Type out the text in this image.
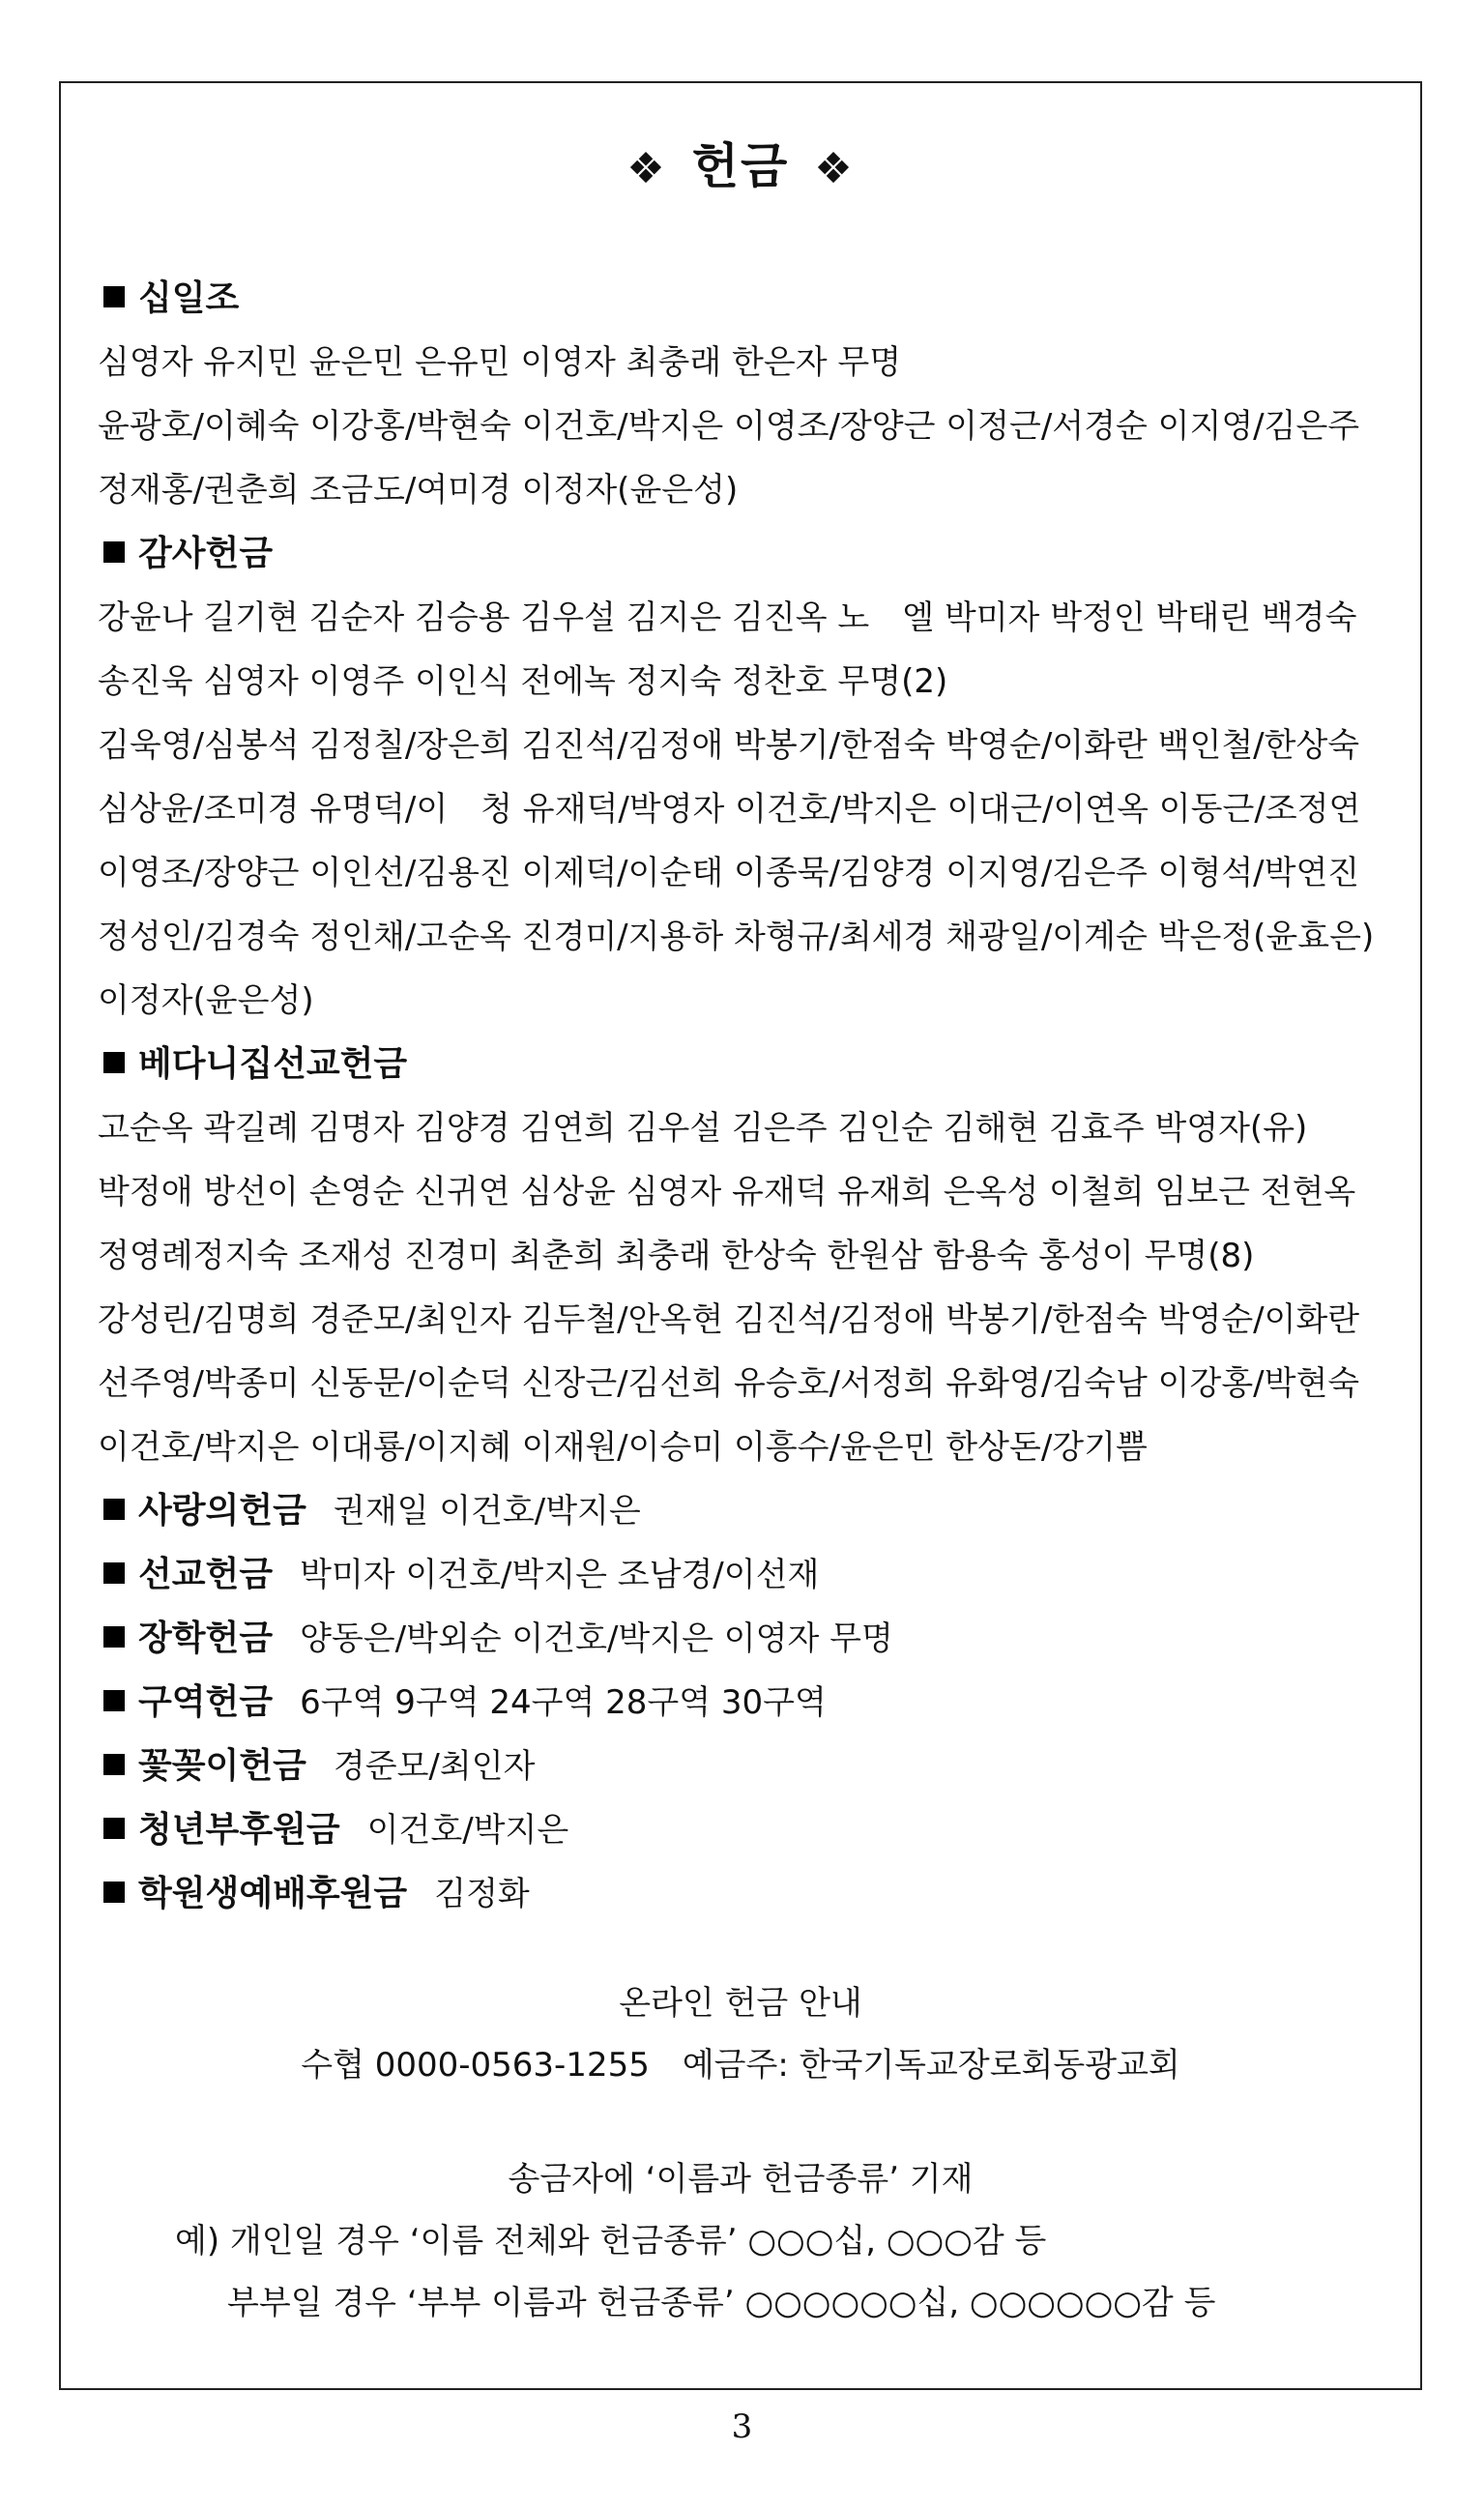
❖ 헌금 ❖
십일조
심영자 유지민 윤은민 은유민 이영자 최충래 한은자 무명
윤광호/이혜숙 이강홍/박현숙 이건호/박지은 이영조/장양근 이정근/서경순 이지영/김은주
정재홍/권춘희 조금도/여미경 이정자(윤은성)
감사헌금
강윤나 길기현 김순자 김승용 김우설 김지은 김진옥 노　엘 박미자 박정인 박태린 백경숙
송진욱 심영자 이영주 이인식 전에녹 정지숙 정찬호 무명(2)
김욱영/심봉석 김정칠/장은희 김진석/김정애 박봉기/한점숙 박영순/이화란 백인철/한상숙
심상윤/조미경 유명덕/이　청 유재덕/박영자 이건호/박지은 이대근/이연옥 이동근/조정연
이영조/장양근 이인선/김용진 이제덕/이순태 이종묵/김양경 이지영/김은주 이형석/박연진
정성인/김경숙 정인채/고순옥 진경미/지용하 차형규/최세경 채광일/이계순 박은정(윤효은)
이정자(윤은성)
베다니집선교헌금
고순옥 곽길례 김명자 김양경 김연희 김우설 김은주 김인순 김해현 김효주 박영자(유)
박정애 방선이 손영순 신귀연 심상윤 심영자 유재덕 유재희 은옥성 이철희 임보근 전현옥
정영례정지숙 조재성 진경미 최춘희 최충래 한상숙 한원삼 함용숙 홍성이 무명(8)
강성린/김명희 경준모/최인자 김두철/안옥현 김진석/김정애 박봉기/한점숙 박영순/이화란
선주영/박종미 신동문/이순덕 신장근/김선희 유승호/서정희 유화영/김숙남 이강홍/박현숙
이건호/박지은 이대룡/이지혜 이재원/이승미 이흥수/윤은민 한상돈/강기쁨
사랑의헌금 권재일 이건호/박지은
선교헌금 박미자 이건호/박지은 조남경/이선재
장학헌금 양동은/박외순 이건호/박지은 이영자 무명
구역헌금 6구역 9구역 24구역 28구역 30구역
꽃꽂이헌금 경준모/최인자
청년부후원금 이건호/박지은
학원생예배후원금 김정화
온라인 헌금 안내
수협 0000-0563-1255　예금주: 한국기독교장로회동광교회
송금자에 ‘이름과 헌금종류’ 기재
예) 개인일 경우 ‘이름 전체와 헌금종류’ ○○○십, ○○○감 등
부부일 경우 ‘부부 이름과 헌금종류’ ○○○○○○십, ○○○○○○감 등
3
